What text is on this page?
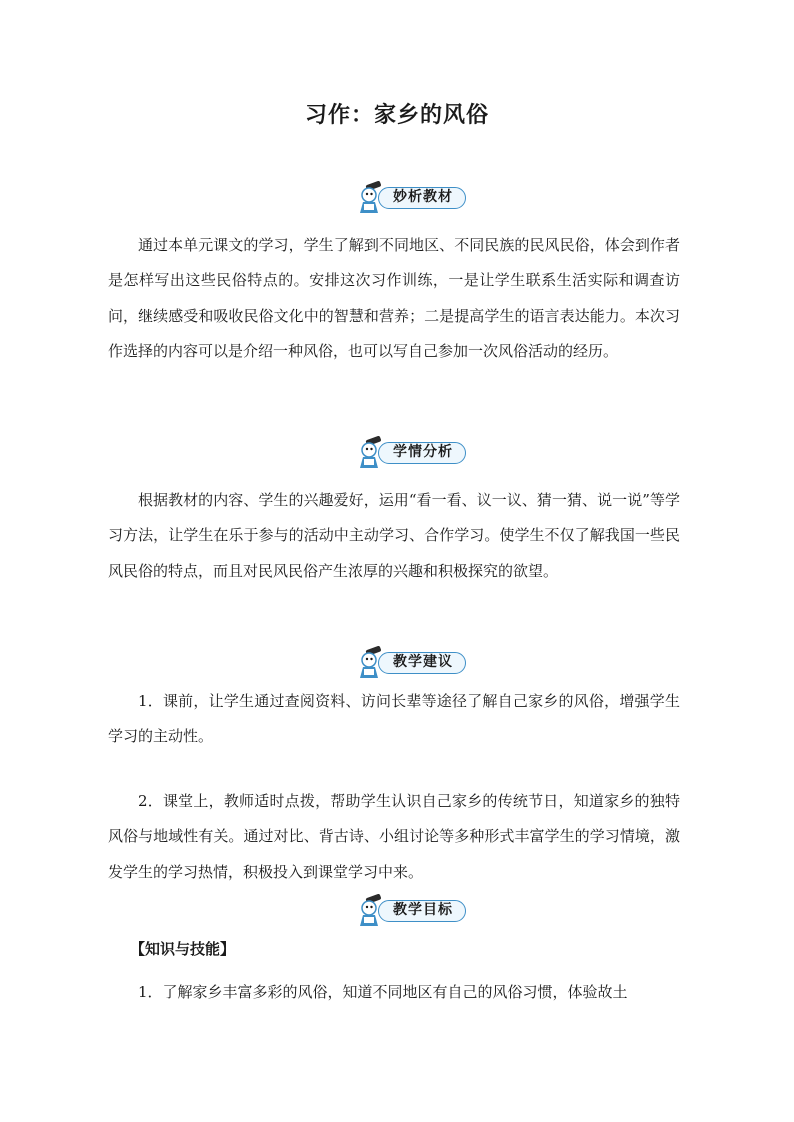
习作：家乡的风俗
妙析教材

通过本单元课文的学习，学生了解到不同地区、不同民族的民风民俗，体会到作者是怎样写出这些民俗特点的。安排这次习作训练，一是让学生联系生活实际和调查访问，继续感受和吸收民俗文化中的智慧和营养；二是提高学生的语言表达能力。本次习作选择的内容可以是介绍一种风俗，也可以写自己参加一次风俗活动的经历。

学情分析

根据教材的内容、学生的兴趣爱好，运用“看一看、议一议、猜一猜、说一说”等学习方法，让学生在乐于参与的活动中主动学习、合作学习。使学生不仅了解我国一些民风民俗的特点，而且对民风民俗产生浓厚的兴趣和积极探究的欲望。

教学建议

1．课前，让学生通过查阅资料、访问长辈等途径了解自己家乡的风俗，增强学生学习的主动性。

2．课堂上，教师适时点拨，帮助学生认识自己家乡的传统节日，知道家乡的独特风俗与地域性有关。通过对比、背古诗、小组讨论等多种形式丰富学生的学习情境，激发学生的学习热情，积极投入到课堂学习中来。

教学目标
【知识与技能】

1．了解家乡丰富多彩的风俗，知道不同地区有自己的风俗习惯，体验故土
